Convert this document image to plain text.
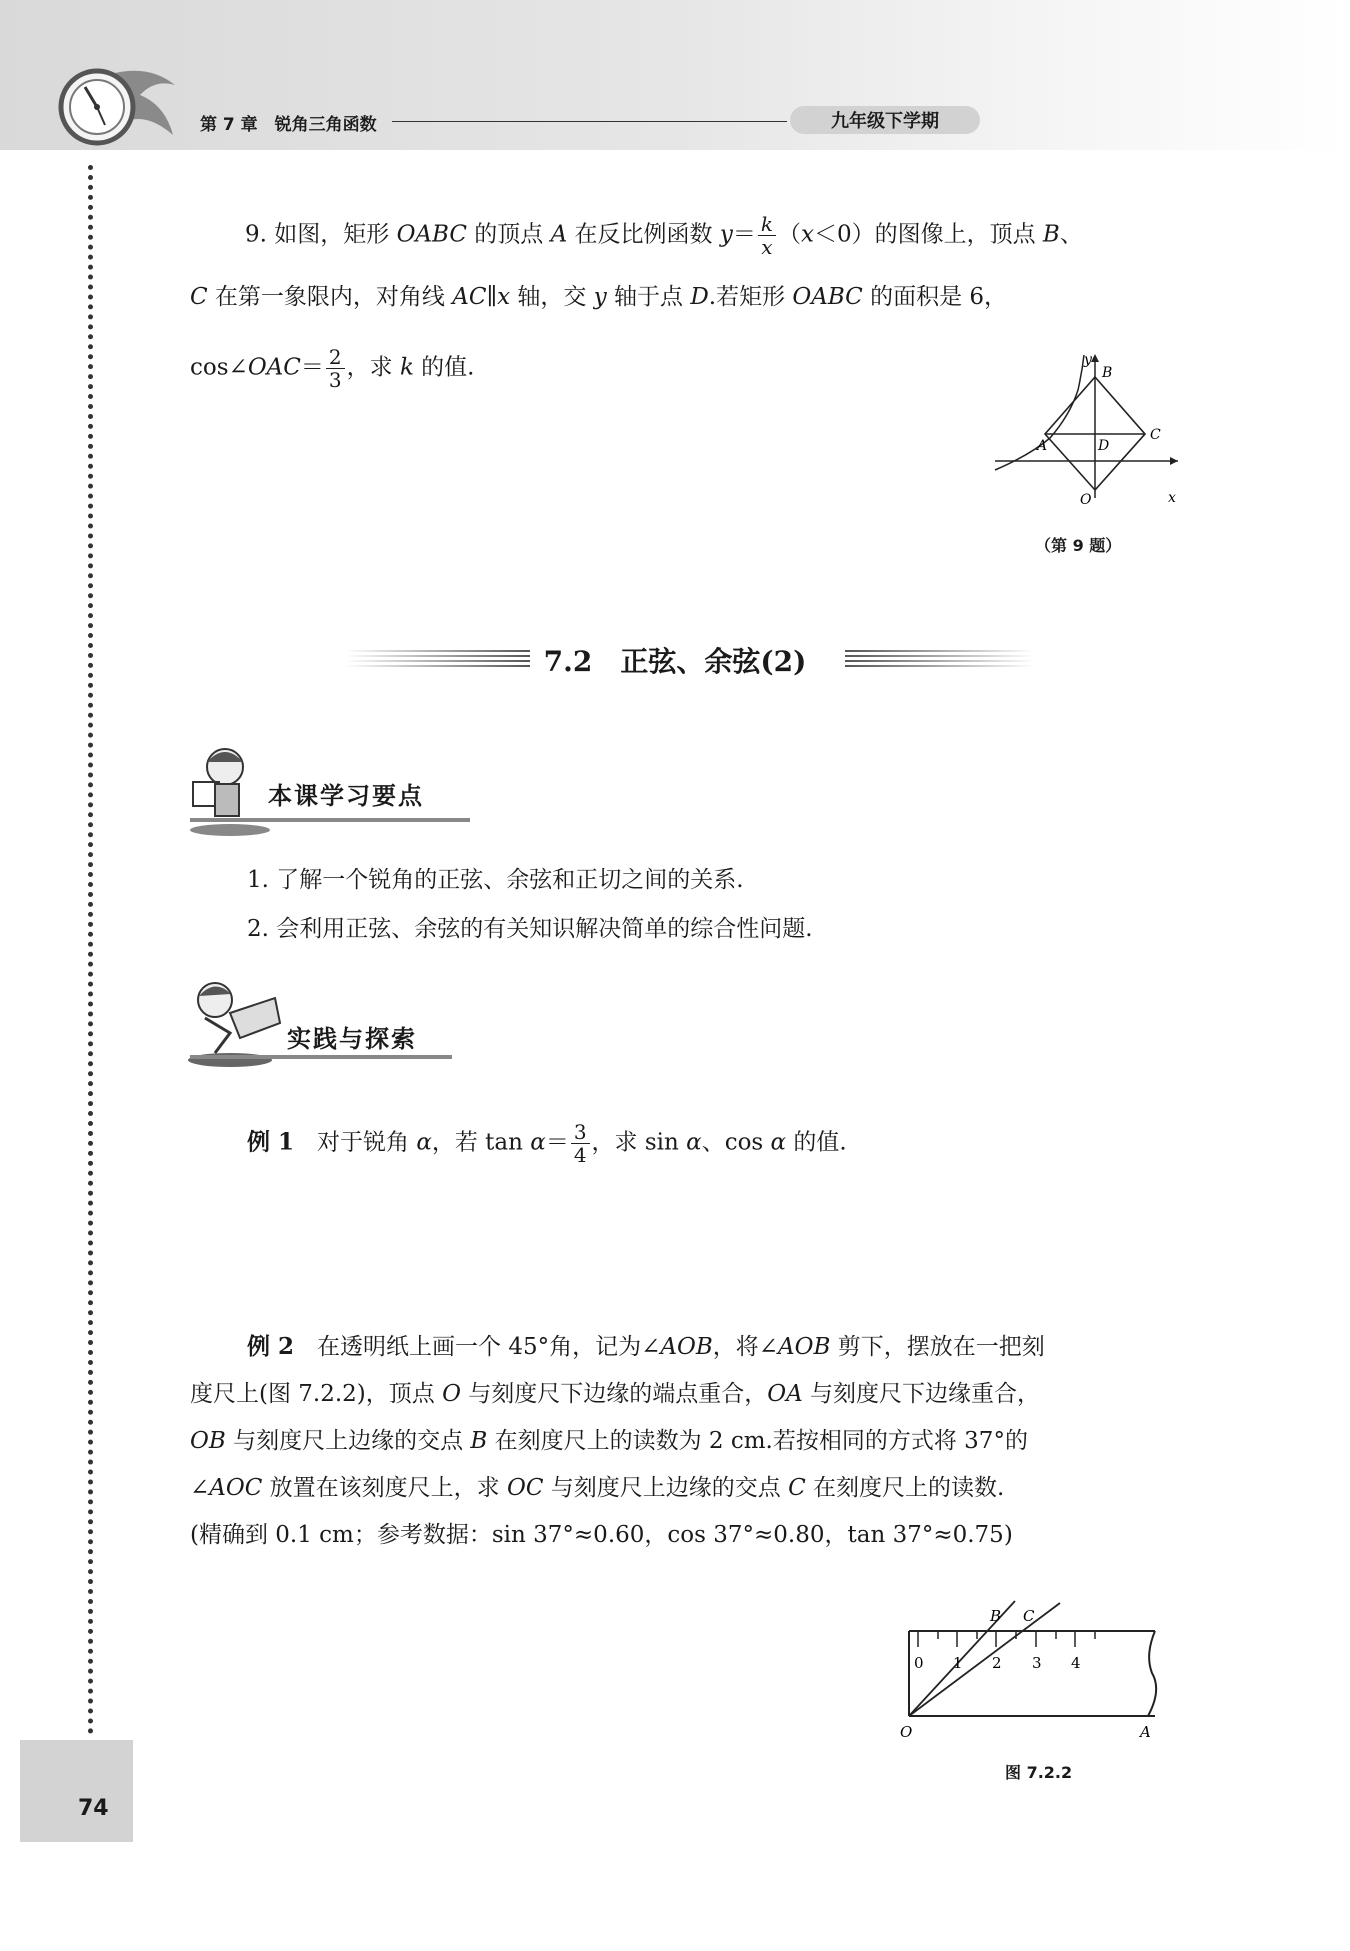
第 7 章　锐角三角函数	九年级下学期
74
9. 如图，矩形 OABC 的顶点 A 在反比例函数 $y= \frac{k}{x} (x<0)$的图像上，顶点 B、
C 在第一象限内，对角线 AC∥x 轴，交 y 轴于点 D.若矩形 OABC 的面积是 6，
cos∠OAC＝ $\frac{2}{3}$ ，求 k 的值.	y
B
A	D
C
O	x
（第 9 题）
7.2　正弦、余弦(2)
本课学习要点
1. 了解一个锐角的正弦、余弦和正切之间的关系.
2. 会利用正弦、余弦的有关知识解决简单的综合性问题.
实践与探索
例 1　对于锐角 α，若 $\tan \alpha= \frac{3}{4}$ ，求 sin α、cos α 的值.
例 2　在透明纸上画一个 45°角，记为∠AOB，将∠AOB 剪下，摆放在一把刻
度尺上(图 7.2.2)，顶点 O 与刻度尺下边缘的端点重合，OA 与刻度尺下边缘重合，
OB 与刻度尺上边缘的交点 B 在刻度尺上的读数为 2 cm.若按相同的方式将 37°的
∠AOC 放置在该刻度尺上，求 OC 与刻度尺上边缘的交点 C 在刻度尺上的读数.
(精确到 0.1 cm；参考数据：sin 37°≈0.60，cos 37°≈0.80，tan 37°≈0.75)
0 1 2 3 4
B C
O	A
图 7.2.2
